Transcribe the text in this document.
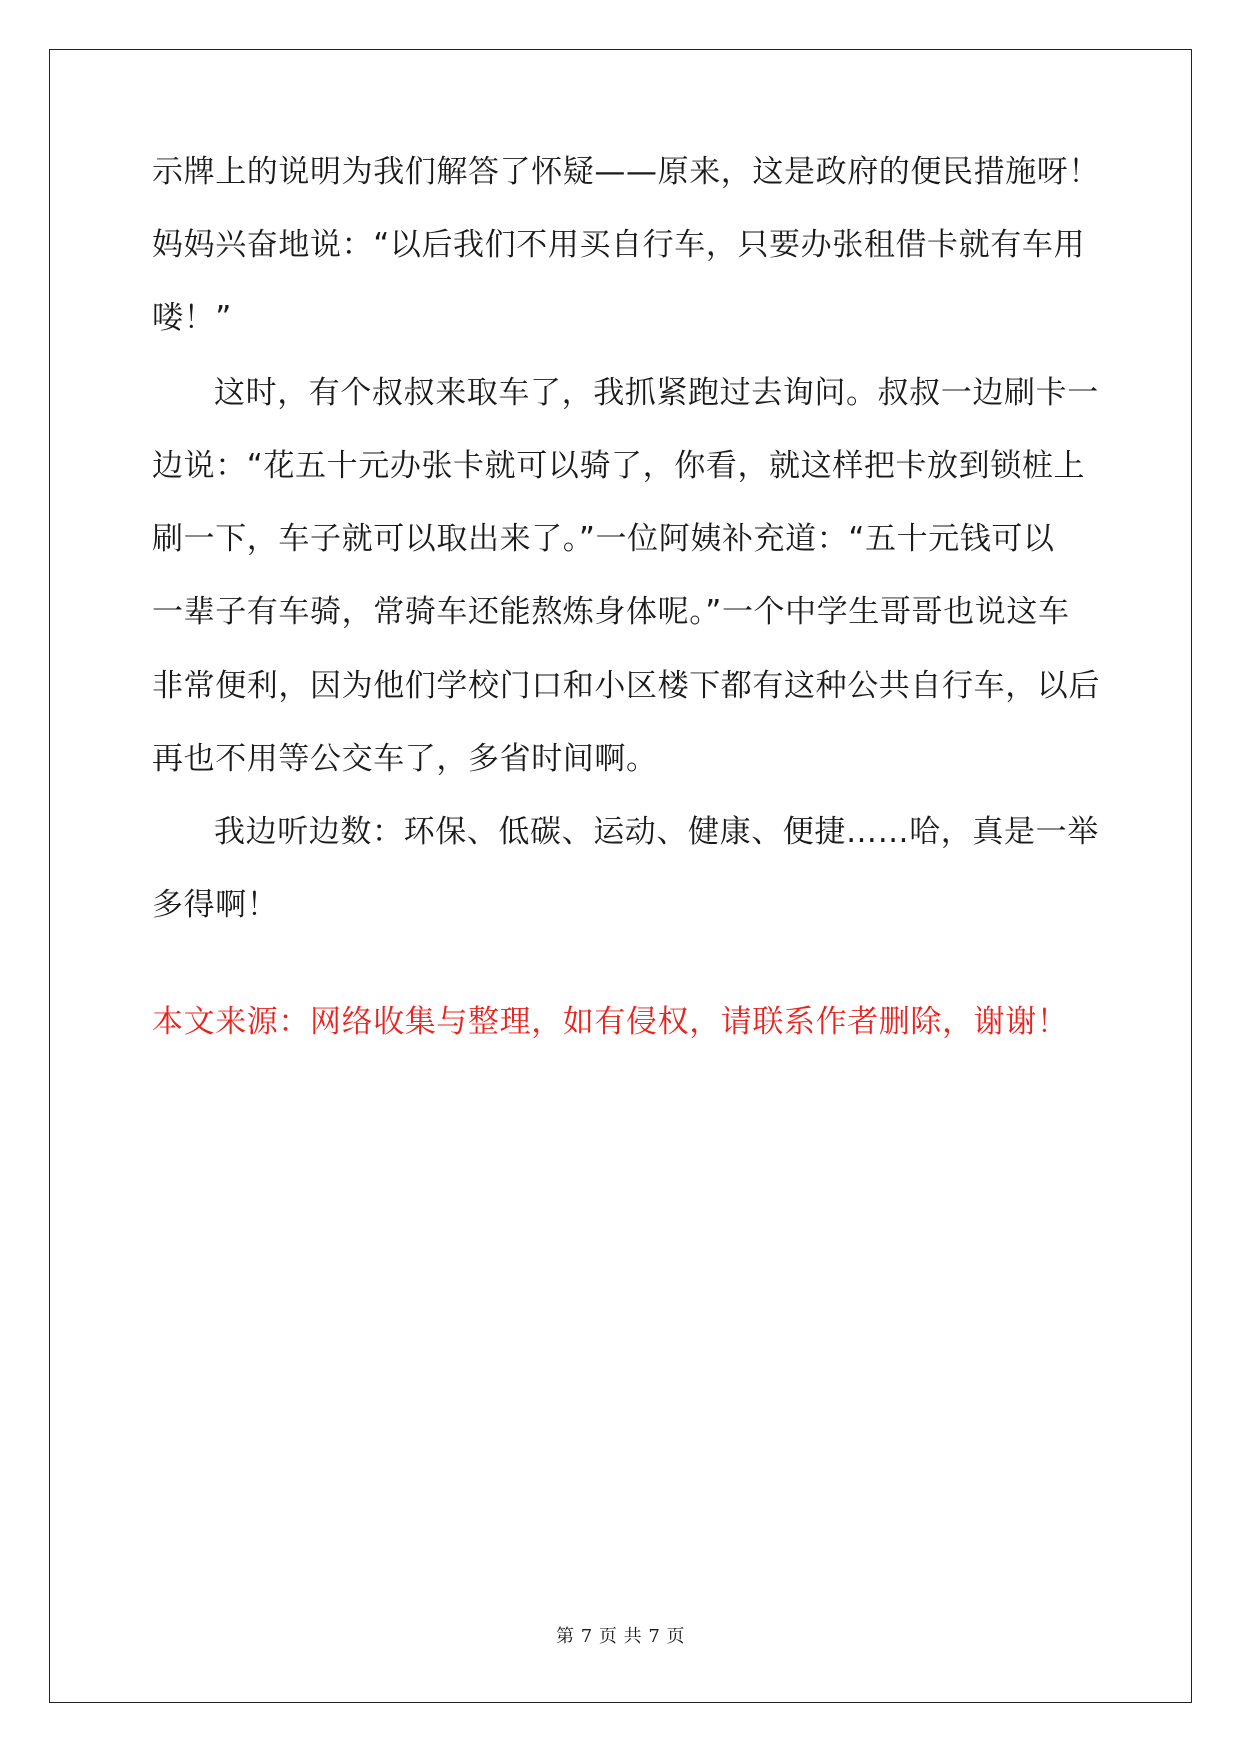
示牌上的说明为我们解答了怀疑——原来，这是政府的便民措施呀！
妈妈兴奋地说：“以后我们不用买自行车，只要办张租借卡就有车用
喽！”
这时，有个叔叔来取车了，我抓紧跑过去询问。叔叔一边刷卡一
边说：“花五十元办张卡就可以骑了，你看，就这样把卡放到锁桩上
刷一下，车子就可以取出来了。”一位阿姨补充道：“五十元钱可以
一辈子有车骑，常骑车还能熬炼身体呢。”一个中学生哥哥也说这车
非常便利，因为他们学校门口和小区楼下都有这种公共自行车，以后
再也不用等公交车了，多省时间啊。
我边听边数：环保、低碳、运动、健康、便捷……哈，真是一举
多得啊！
本文来源：网络收集与整理，如有侵权，请联系作者删除，谢谢！
第 7 页 共 7 页
